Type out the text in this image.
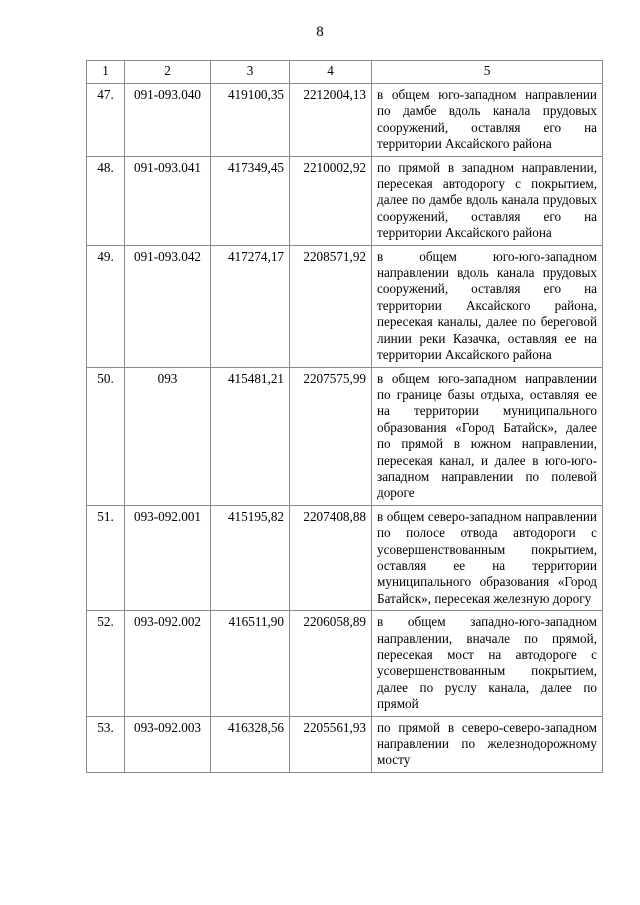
8
1	2	3	4	5
47.	091-093.040	419100,35	2212004,13	в общем юго-западном направлении по дамбе вдоль канала прудовых сооружений, оставляя его на территории Аксайского района
48.	091-093.041	417349,45	2210002,92	по прямой в западном направлении, пересекая автодорогу с покрытием, далее по дамбе вдоль канала прудовых сооружений, оставляя его на территории Аксайского района
49.	091-093.042	417274,17	2208571,92	в общем юго-юго-западном направлении вдоль канала прудовых сооружений, оставляя его на территории Аксайского района, пересекая каналы, далее по береговой линии реки Казачка, оставляя ее на территории Аксайского района
50.	093	415481,21	2207575,99	в общем юго-западном направлении по границе базы отдыха, оставляя ее на территории муниципального образования «Город Батайск», далее по прямой в южном направлении, пересекая канал, и далее в юго-юго-западном направлении по полевой дороге
51.	093-092.001	415195,82	2207408,88	в общем северо-западном направлении по полосе отвода автодороги с усовершенствованным покрытием, оставляя ее на территории муниципального образования «Город Батайск», пересекая железную дорогу
52.	093-092.002	416511,90	2206058,89	в общем западно-юго-западном направлении, вначале по прямой, пересекая мост на автодороге с усовершенствованным покрытием, далее по руслу канала, далее по прямой
53.	093-092.003	416328,56	2205561,93	по прямой в северо-северо-западном направлении по железнодорожному мосту
